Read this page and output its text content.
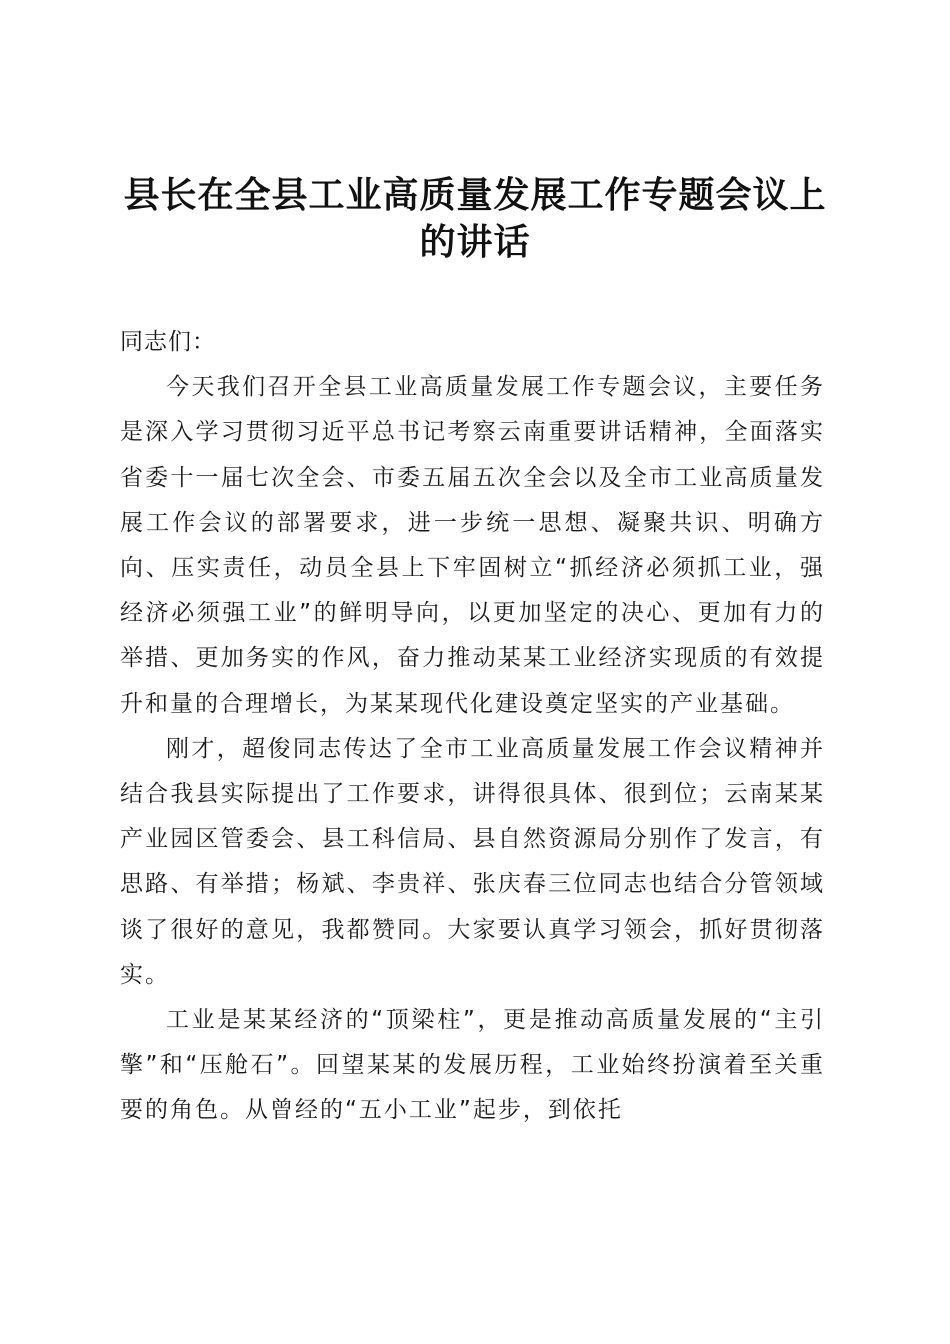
县长在全县工业高质量发展工作专题会议上的讲话

同志们：

今天我们召开全县工业高质量发展工作专题会议，主要任务是深入学习贯彻习近平总书记考察云南重要讲话精神，全面落实省委十一届七次全会、市委五届五次全会以及全市工业高质量发展工作会议的部署要求，进一步统一思想、凝聚共识、明确方向、压实责任，动员全县上下牢固树立“抓经济必须抓工业，强经济必须强工业”的鲜明导向，以更加坚定的决心、更加有力的举措、更加务实的作风，奋力推动某某工业经济实现质的有效提升和量的合理增长，为某某现代化建设奠定坚实的产业基础。

刚才，超俊同志传达了全市工业高质量发展工作会议精神并结合我县实际提出了工作要求，讲得很具体、很到位；云南某某产业园区管委会、县工科信局、县自然资源局分别作了发言，有思路、有举措；杨斌、李贵祥、张庆春三位同志也结合分管领域谈了很好的意见，我都赞同。大家要认真学习领会，抓好贯彻落实。

工业是某某经济的“顶梁柱”，更是推动高质量发展的“主引擎”和“压舱石”。回望某某的发展历程，工业始终扮演着至关重要的角色。从曾经的“五小工业”起步，到依托
